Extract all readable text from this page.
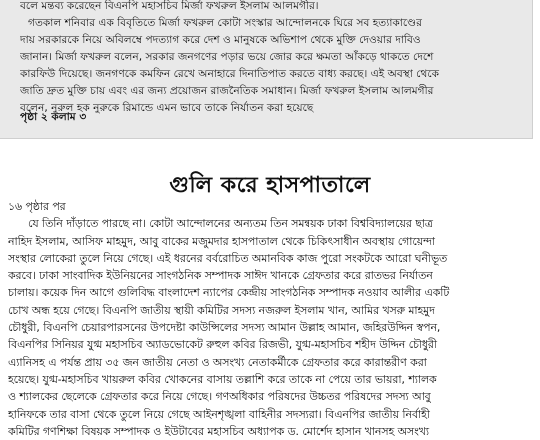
বলে মন্তব্য করেছেন বিএনপি মহাসচিব মির্জা ফখরুল ইসলাম আলমগীর।

গতকাল শনিবার এক বিবৃতিতে মির্জা ফখরুল কোটা সংস্কার আন্দোলনকে ঘিরে সব হত্যাকাণ্ডের

দায় সরকারকে নিয়ে অবিলম্বে পদত্যাগ করে দেশ ও মানুষকে অভিশাপ থেকে মুক্তি দেওয়ার দাবিও

জানান। মির্জা ফখরুল বলেন, সরকার জনগণের পড়ার ভয়ে জোর করে ক্ষমতা আঁকড়ে থাকতে দেশে

কারফিউ দিয়েছে। জনগণকে কমফিন রেখে অনাহারে দিনাতিপাত করতে বাধ্য করছে। এই অবস্থা থেকে

জাতি দ্রুত মুক্তি চায় এবং এর জন্য প্রয়োজন রাজনৈতিক সমাধান। মির্জা ফখরুল ইসলাম আলমগীর

বলেন, নুরুল হক নুরুকে রিমান্ডে এমন ভাবে তাকে নির্যাতন করা হয়েছে

পৃষ্ঠা ২ কলাম ৩

গুলি করে হাসপাতালে

১৬ পৃষ্ঠার পর

যে তিনি দাঁড়াতে পারছে না। কোটা আন্দোলনের অন্যতম তিন সমন্বয়ক ঢাকা বিশ্ববিদ্যালয়ের ছাত্র

নাহিদ ইসলাম, আসিফ মাহমুদ, আবু বাকের মজুমদার হাসপাতাল থেকে চিকিৎসাধীন অবস্থায় গোয়েন্দা

সংস্থার লোকেরা তুলে নিয়ে গেছে। এই ধরনের বর্বরোচিত অমানবিক কাজ পুরো সংকটকে আরো ঘনীভূত

করবে। ঢাকা সাংবাদিক ইউনিয়নের সাংগঠনিক সম্পাদক সাঈদ খানকে গ্রেফতার করে রাতভর নির্যাতন

চালায়। কয়েক দিন আগে গুলিবিদ্ধ বাংলাদেশ ন্যাপের কেন্দ্রীয় সাংগঠনিক সম্পাদক নওয়াব আলীর একটি

চোখ অন্ধ হয়ে গেছে। বিএনপি জাতীয় স্থায়ী কমিটির সদস্য নজরুল ইসলাম খান, আমির খসরু মাহমুদ

চৌধুরী, বিএনপি চেয়ারপারসনের উপদেষ্টা কাউন্সিলের সদস্য আমান উল্লাহ আমান, জহিরউদ্দিন স্বপন,

বিএনপির সিনিয়র যুগ্ম মহাসচিব অ্যাডভোকেট রুহুল কবির রিজভী, যুগ্ম-মহাসচিব শহীদ উদ্দিন চৌধুরী

এ্যানিসহ এ পর্যন্ত প্রায় ৩৫ জন জাতীয় নেতা ও অসংখ্য নেতাকর্মীকে গ্রেফতার করে কারান্তরীণ করা

হয়েছে। যুগ্ম-মহাসচিব খায়রুল কবির খোকনের বাসায় তল্লাশি করে তাকে না পেয়ে তার ভায়রা, শ্যালক

ও শ্যালকের ছেলেকে গ্রেফতার করে নিয়ে গেছে। গণঅধিকার পরিষদের উচ্চতর পরিষদের সদস্য আবু

হানিফকে তার বাসা থেকে তুলে নিয়ে গেছে আইনশৃঙ্খলা বাহিনীর সদস্যরা। বিএনপির জাতীয় নির্বাহী

কমিটির গণশিক্ষা বিষয়ক সম্পাদক ও ইউটাবের মহাসচিব অধ্যাপক ড. মোর্শেদ হাসান খানসহ অসংখ্য
